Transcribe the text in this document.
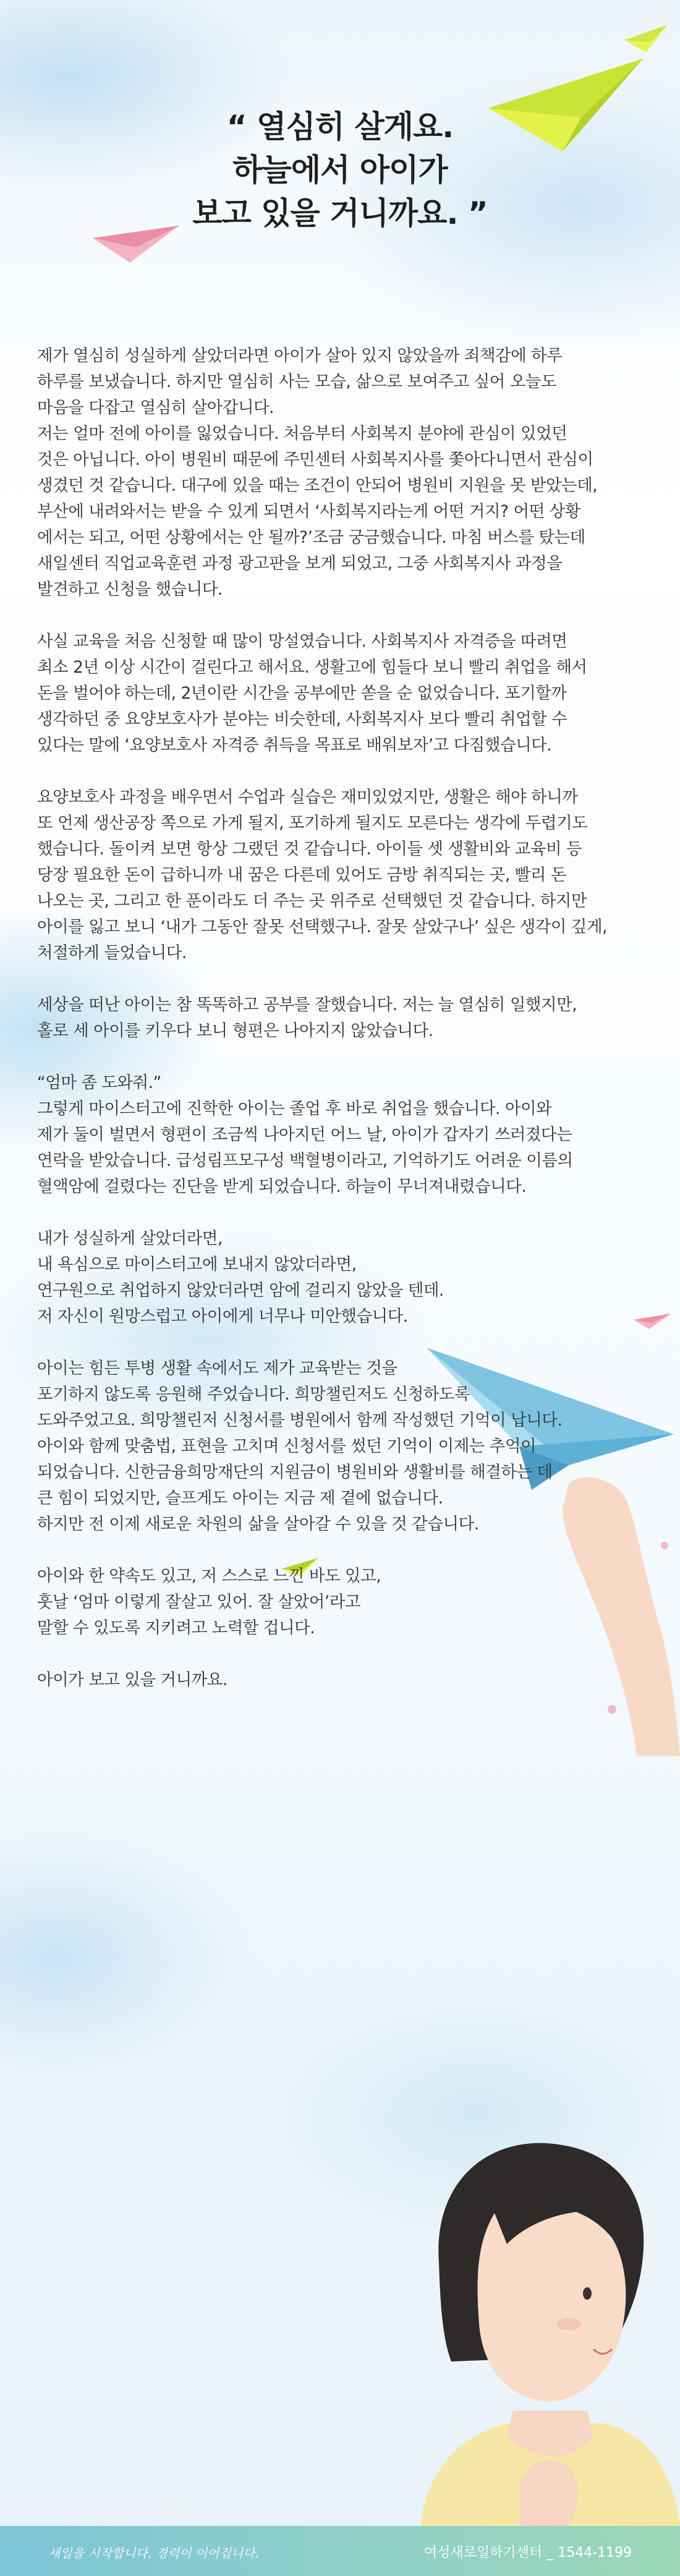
“ 열심히 살게요.
하늘에서 아이가
보고 있을 거니까요. ”

제가 열심히 성실하게 살았더라면 아이가 살아 있지 않았을까 죄책감에 하루
하루를 보냈습니다. 하지만 열심히 사는 모습, 삶으로 보여주고 싶어 오늘도
마음을 다잡고 열심히 살아갑니다.
저는 얼마 전에 아이를 잃었습니다. 처음부터 사회복지 분야에 관심이 있었던
것은 아닙니다. 아이 병원비 때문에 주민센터 사회복지사를 쫓아다니면서 관심이
생겼던 것 같습니다. 대구에 있을 때는 조건이 안되어 병원비 지원을 못 받았는데,
부산에 내려와서는 받을 수 있게 되면서 ‘사회복지라는게 어떤 거지? 어떤 상황
에서는 되고, 어떤 상황에서는 안 될까?’조금 궁금했습니다. 마침 버스를 탔는데
새일센터 직업교육훈련 과정 광고판을 보게 되었고, 그중 사회복지사 과정을
발견하고 신청을 했습니다.

사실 교육을 처음 신청할 때 많이 망설였습니다. 사회복지사 자격증을 따려면
최소 2년 이상 시간이 걸린다고 해서요. 생활고에 힘들다 보니 빨리 취업을 해서
돈을 벌어야 하는데, 2년이란 시간을 공부에만 쏟을 순 없었습니다. 포기할까
생각하던 중 요양보호사가 분야는 비슷한데, 사회복지사 보다 빨리 취업할 수
있다는 말에 ‘요양보호사 자격증 취득을 목표로 배워보자’고 다짐했습니다.

요양보호사 과정을 배우면서 수업과 실습은 재미있었지만, 생활은 해야 하니까
또 언제 생산공장 쪽으로 가게 될지, 포기하게 될지도 모른다는 생각에 두렵기도
했습니다. 돌이켜 보면 항상 그랬던 것 같습니다. 아이들 셋 생활비와 교육비 등
당장 필요한 돈이 급하니까 내 꿈은 다른데 있어도 금방 취직되는 곳, 빨리 돈
나오는 곳, 그리고 한 푼이라도 더 주는 곳 위주로 선택했던 것 같습니다. 하지만
아이를 잃고 보니 ‘내가 그동안 잘못 선택했구나. 잘못 살았구나’ 싶은 생각이 깊게,
처절하게 들었습니다.

세상을 떠난 아이는 참 똑똑하고 공부를 잘했습니다. 저는 늘 열심히 일했지만,
홀로 세 아이를 키우다 보니 형편은 나아지지 않았습니다.

“엄마 좀 도와줘.”
그렇게 마이스터고에 진학한 아이는 졸업 후 바로 취업을 했습니다. 아이와
제가 둘이 벌면서 형편이 조금씩 나아지던 어느 날, 아이가 갑자기 쓰러졌다는
연락을 받았습니다. 급성림프모구성 백혈병이라고, 기억하기도 어려운 이름의
혈액암에 걸렸다는 진단을 받게 되었습니다. 하늘이 무너져내렸습니다.

내가 성실하게 살았더라면,
내 욕심으로 마이스터고에 보내지 않았더라면,
연구원으로 취업하지 않았더라면 암에 걸리지 않았을 텐데.
저 자신이 원망스럽고 아이에게 너무나 미안했습니다.

아이는 힘든 투병 생활 속에서도 제가 교육받는 것을
포기하지 않도록 응원해 주었습니다. 희망챌린저도 신청하도록
도와주었고요. 희망챌린저 신청서를 병원에서 함께 작성했던 기억이 납니다.
아이와 함께 맞춤법, 표현을 고치며 신청서를 썼던 기억이 이제는 추억이
되었습니다. 신한금융희망재단의 지원금이 병원비와 생활비를 해결하는 데
큰 힘이 되었지만, 슬프게도 아이는 지금 제 곁에 없습니다.
하지만 전 이제 새로운 차원의 삶을 살아갈 수 있을 것 같습니다.

아이와 한 약속도 있고, 저 스스로 느낀 바도 있고,
훗날 ‘엄마 이렇게 잘살고 있어. 잘 살았어’라고
말할 수 있도록 지키려고 노력할 겁니다.

아이가 보고 있을 거니까요.

새일을 시작합니다. 경력이 이어집니다.	여성새로일하기센터 _ 1544-1199
